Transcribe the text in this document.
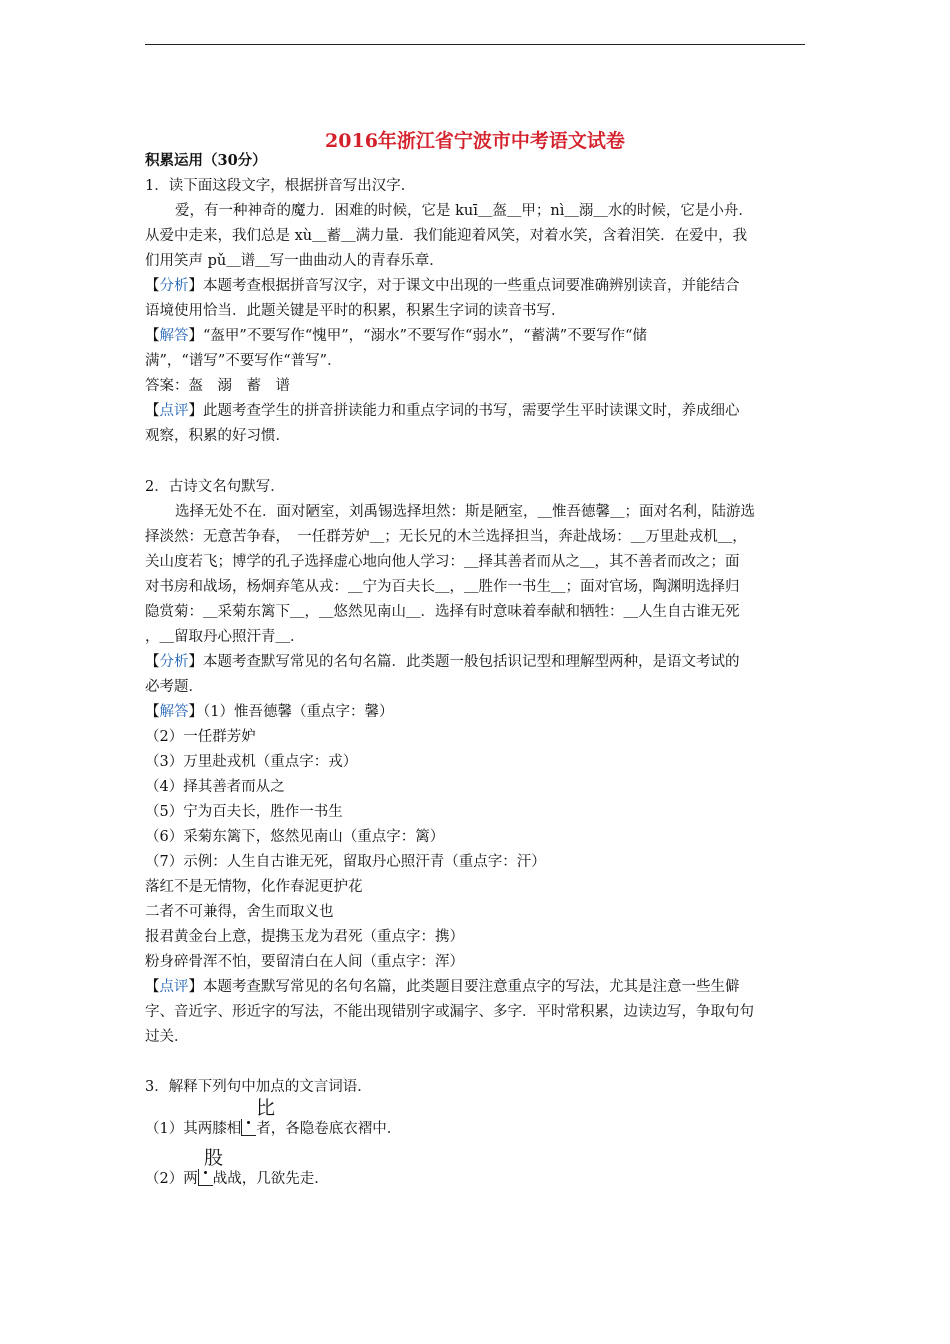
2016年浙江省宁波市中考语文试卷
积累运用（30分）
1．读下面这段文字，根据拼音写出汉字．
爱，有一种神奇的魔力．困难的时候，它是 kuī＿盔＿甲；nì＿溺＿水的时候，它是小舟．
从爱中走来，我们总是 xù＿蓄＿满力量．我们能迎着风笑，对着水笑，含着泪笑．在爱中，我
们用笑声 pǔ＿谱＿写一曲曲动人的青春乐章．
【分析】本题考查根据拼音写汉字，对于课文中出现的一些重点词要准确辨别读音，并能结合
语境使用恰当．此题关键是平时的积累，积累生字词的读音书写．
【解答】“盔甲”不要写作“愧甲”，“溺水”不要写作“弱水”，“蓄满”不要写作“储
满”，“谱写”不要写作“普写”．
答案：盔　溺　蓄　谱
【点评】此题考查学生的拼音拼读能力和重点字词的书写，需要学生平时读课文时，养成细心
观察，积累的好习惯．
2．古诗文名句默写．
选择无处不在．面对陋室，刘禹锡选择坦然：斯是陋室，＿惟吾德馨＿；面对名利，陆游选
择淡然：无意苦争春，　一任群芳妒＿；无长兄的木兰选择担当，奔赴战场：＿万里赴戎机＿，
关山度若飞；博学的孔子选择虚心地向他人学习：＿择其善者而从之＿，其不善者而改之；面
对书房和战场，杨炯弃笔从戎：＿宁为百夫长＿，＿胜作一书生＿；面对官场，陶渊明选择归
隐赏菊：＿采菊东篱下＿，＿悠然见南山＿．选择有时意味着奉献和牺牲：＿人生自古谁无死
，＿留取丹心照汗青＿．
【分析】本题考查默写常见的名句名篇．此类题一般包括识记型和理解型两种，是语文考试的
必考题．
【解答】（1）惟吾德馨（重点字：馨）
（2）一任群芳妒
（3）万里赴戎机（重点字：戎）
（4）择其善者而从之
（5）宁为百夫长，胜作一书生
（6）采菊东篱下，悠然见南山（重点字：篱）
（7）示例：人生自古谁无死，留取丹心照汗青（重点字：汗）
落红不是无情物，化作春泥更护花
二者不可兼得，舍生而取义也
报君黄金台上意，提携玉龙为君死（重点字：携）
粉身碎骨浑不怕，要留清白在人间（重点字：浑）
【点评】本题考查默写常见的名句名篇，此类题目要注意重点字的写法，尤其是注意一些生僻
字、音近字、形近字的写法，不能出现错别字或漏字、多字．平时常积累，边读边写，争取句句
过关．
3．解释下列句中加点的文言词语．
比
（1）其两膝相 者，各隐卷底衣褶中．
股
（2）两 战战，几欲先走．
